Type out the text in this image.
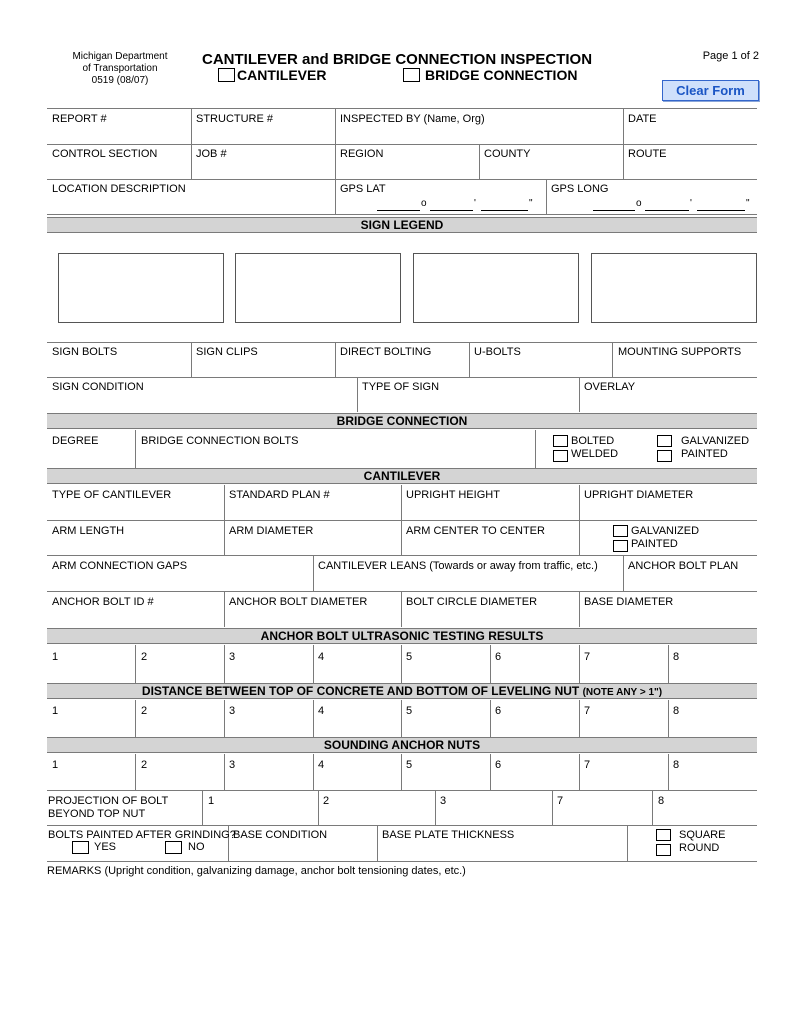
Michigan Department
of Transportation
0519 (08/07)
CANTILEVER and BRIDGE CONNECTION INSPECTION	Page 1 of 2
CANTILEVER	BRIDGE CONNECTION
Clear Form
REPORT #	STRUCTURE #	INSPECTED BY (Name, Org)	DATE
CONTROL SECTION	JOB #	REGION	COUNTY	ROUTE
LOCATION DESCRIPTION	GPS LAT	GPS LONG
o	'	"	o	'	"
SIGN LEGEND
SIGN BOLTS	SIGN CLIPS	DIRECT BOLTING	U-BOLTS	MOUNTING SUPPORTS
SIGN CONDITION	TYPE OF SIGN	OVERLAY
BRIDGE CONNECTION
DEGREE	BRIDGE CONNECTION BOLTS	BOLTED
WELDED
GALVANIZED
PAINTED
CANTILEVER
TYPE OF CANTILEVER	STANDARD PLAN #	UPRIGHT HEIGHT	UPRIGHT DIAMETER
ARM LENGTH	ARM DIAMETER	ARM CENTER TO CENTER	GALVANIZED
PAINTED
ARM CONNECTION GAPS	CANTILEVER LEANS (Towards or away from traffic, etc.)	ANCHOR BOLT PLAN
ANCHOR BOLT ID #	ANCHOR BOLT DIAMETER	BOLT CIRCLE DIAMETER	BASE DIAMETER
ANCHOR BOLT ULTRASONIC TESTING RESULTS
1	2	3	4	5	6	7	8
DISTANCE BETWEEN TOP OF CONCRETE AND BOTTOM OF LEVELING NUT (NOTE ANY > 1")
1	2	3	4	5	6	7	8
SOUNDING ANCHOR NUTS
1	2	3	4	5	6	7	8
PROJECTION OF BOLT
BEYOND TOP NUT
1	2	3	7	8
BOLTS PAINTED AFTER GRINDING?
YES	NO
BASE CONDITION	BASE PLATE THICKNESS	SQUARE
ROUND
REMARKS (Upright condition, galvanizing damage, anchor bolt tensioning dates, etc.)
